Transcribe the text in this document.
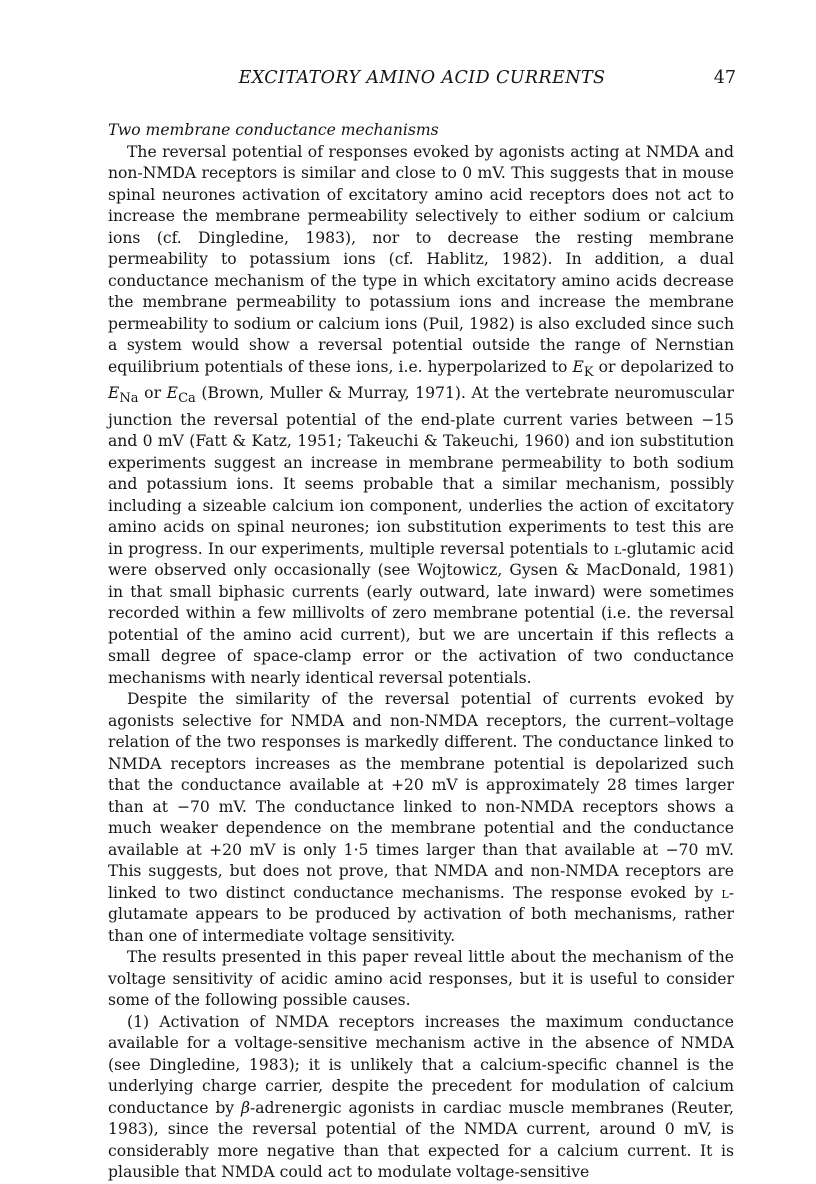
EXCITATORY AMINO ACID CURRENTS	47

Two membrane conductance mechanisms

The reversal potential of responses evoked by agonists acting at NMDA and non-NMDA receptors is similar and close to 0 mV. This suggests that in mouse spinal neurones activation of excitatory amino acid receptors does not act to increase the membrane permeability selectively to either sodium or calcium ions (cf. Dingledine, 1983), nor to decrease the resting membrane permeability to potassium ions (cf. Hablitz, 1982). In addition, a dual conductance mechanism of the type in which excitatory amino acids decrease the membrane permeability to potassium ions and increase the membrane permeability to sodium or calcium ions (Puil, 1982) is also excluded since such a system would show a reversal potential outside the range of Nernstian equilibrium potentials of these ions, i.e. hyperpolarized to $E_K$ or depolarized to $E_{Na}$ or $E_{Ca}$ (Brown, Muller & Murray, 1971). At the vertebrate neuromuscular junction the reversal potential of the end-plate current varies between −15 and 0 mV (Fatt & Katz, 1951; Takeuchi & Takeuchi, 1960) and ion substitution experiments suggest an increase in membrane permeability to both sodium and potassium ions. It seems probable that a similar mechanism, possibly including a sizeable calcium ion component, underlies the action of excitatory amino acids on spinal neurones; ion substitution experiments to test this are in progress. In our experiments, multiple reversal potentials to l-glutamic acid were observed only occasionally (see Wojtowicz, Gysen & MacDonald, 1981) in that small biphasic currents (early outward, late inward) were sometimes recorded within a few millivolts of zero membrane potential (i.e. the reversal potential of the amino acid current), but we are uncertain if this reflects a small degree of space-clamp error or the activation of two conductance mechanisms with nearly identical reversal potentials.

Despite the similarity of the reversal potential of currents evoked by agonists selective for NMDA and non-NMDA receptors, the current–voltage relation of the two responses is markedly different. The conductance linked to NMDA receptors increases as the membrane potential is depolarized such that the conductance available at +20 mV is approximately 28 times larger than at −70 mV. The conductance linked to non-NMDA receptors shows a much weaker dependence on the membrane potential and the conductance available at +20 mV is only 1·5 times larger than that available at −70 mV. This suggests, but does not prove, that NMDA and non-NMDA receptors are linked to two distinct conductance mechanisms. The response evoked by l-glutamate appears to be produced by activation of both mechanisms, rather than one of intermediate voltage sensitivity.

The results presented in this paper reveal little about the mechanism of the voltage sensitivity of acidic amino acid responses, but it is useful to consider some of the following possible causes.

(1) Activation of NMDA receptors increases the maximum conductance available for a voltage-sensitive mechanism active in the absence of NMDA (see Dingledine, 1983); it is unlikely that a calcium-specific channel is the underlying charge carrier, despite the precedent for modulation of calcium conductance by β-adrenergic agonists in cardiac muscle membranes (Reuter, 1983), since the reversal potential of the NMDA current, around 0 mV, is considerably more negative than that expected for a calcium current. It is plausible that NMDA could act to modulate voltage-sensitive
